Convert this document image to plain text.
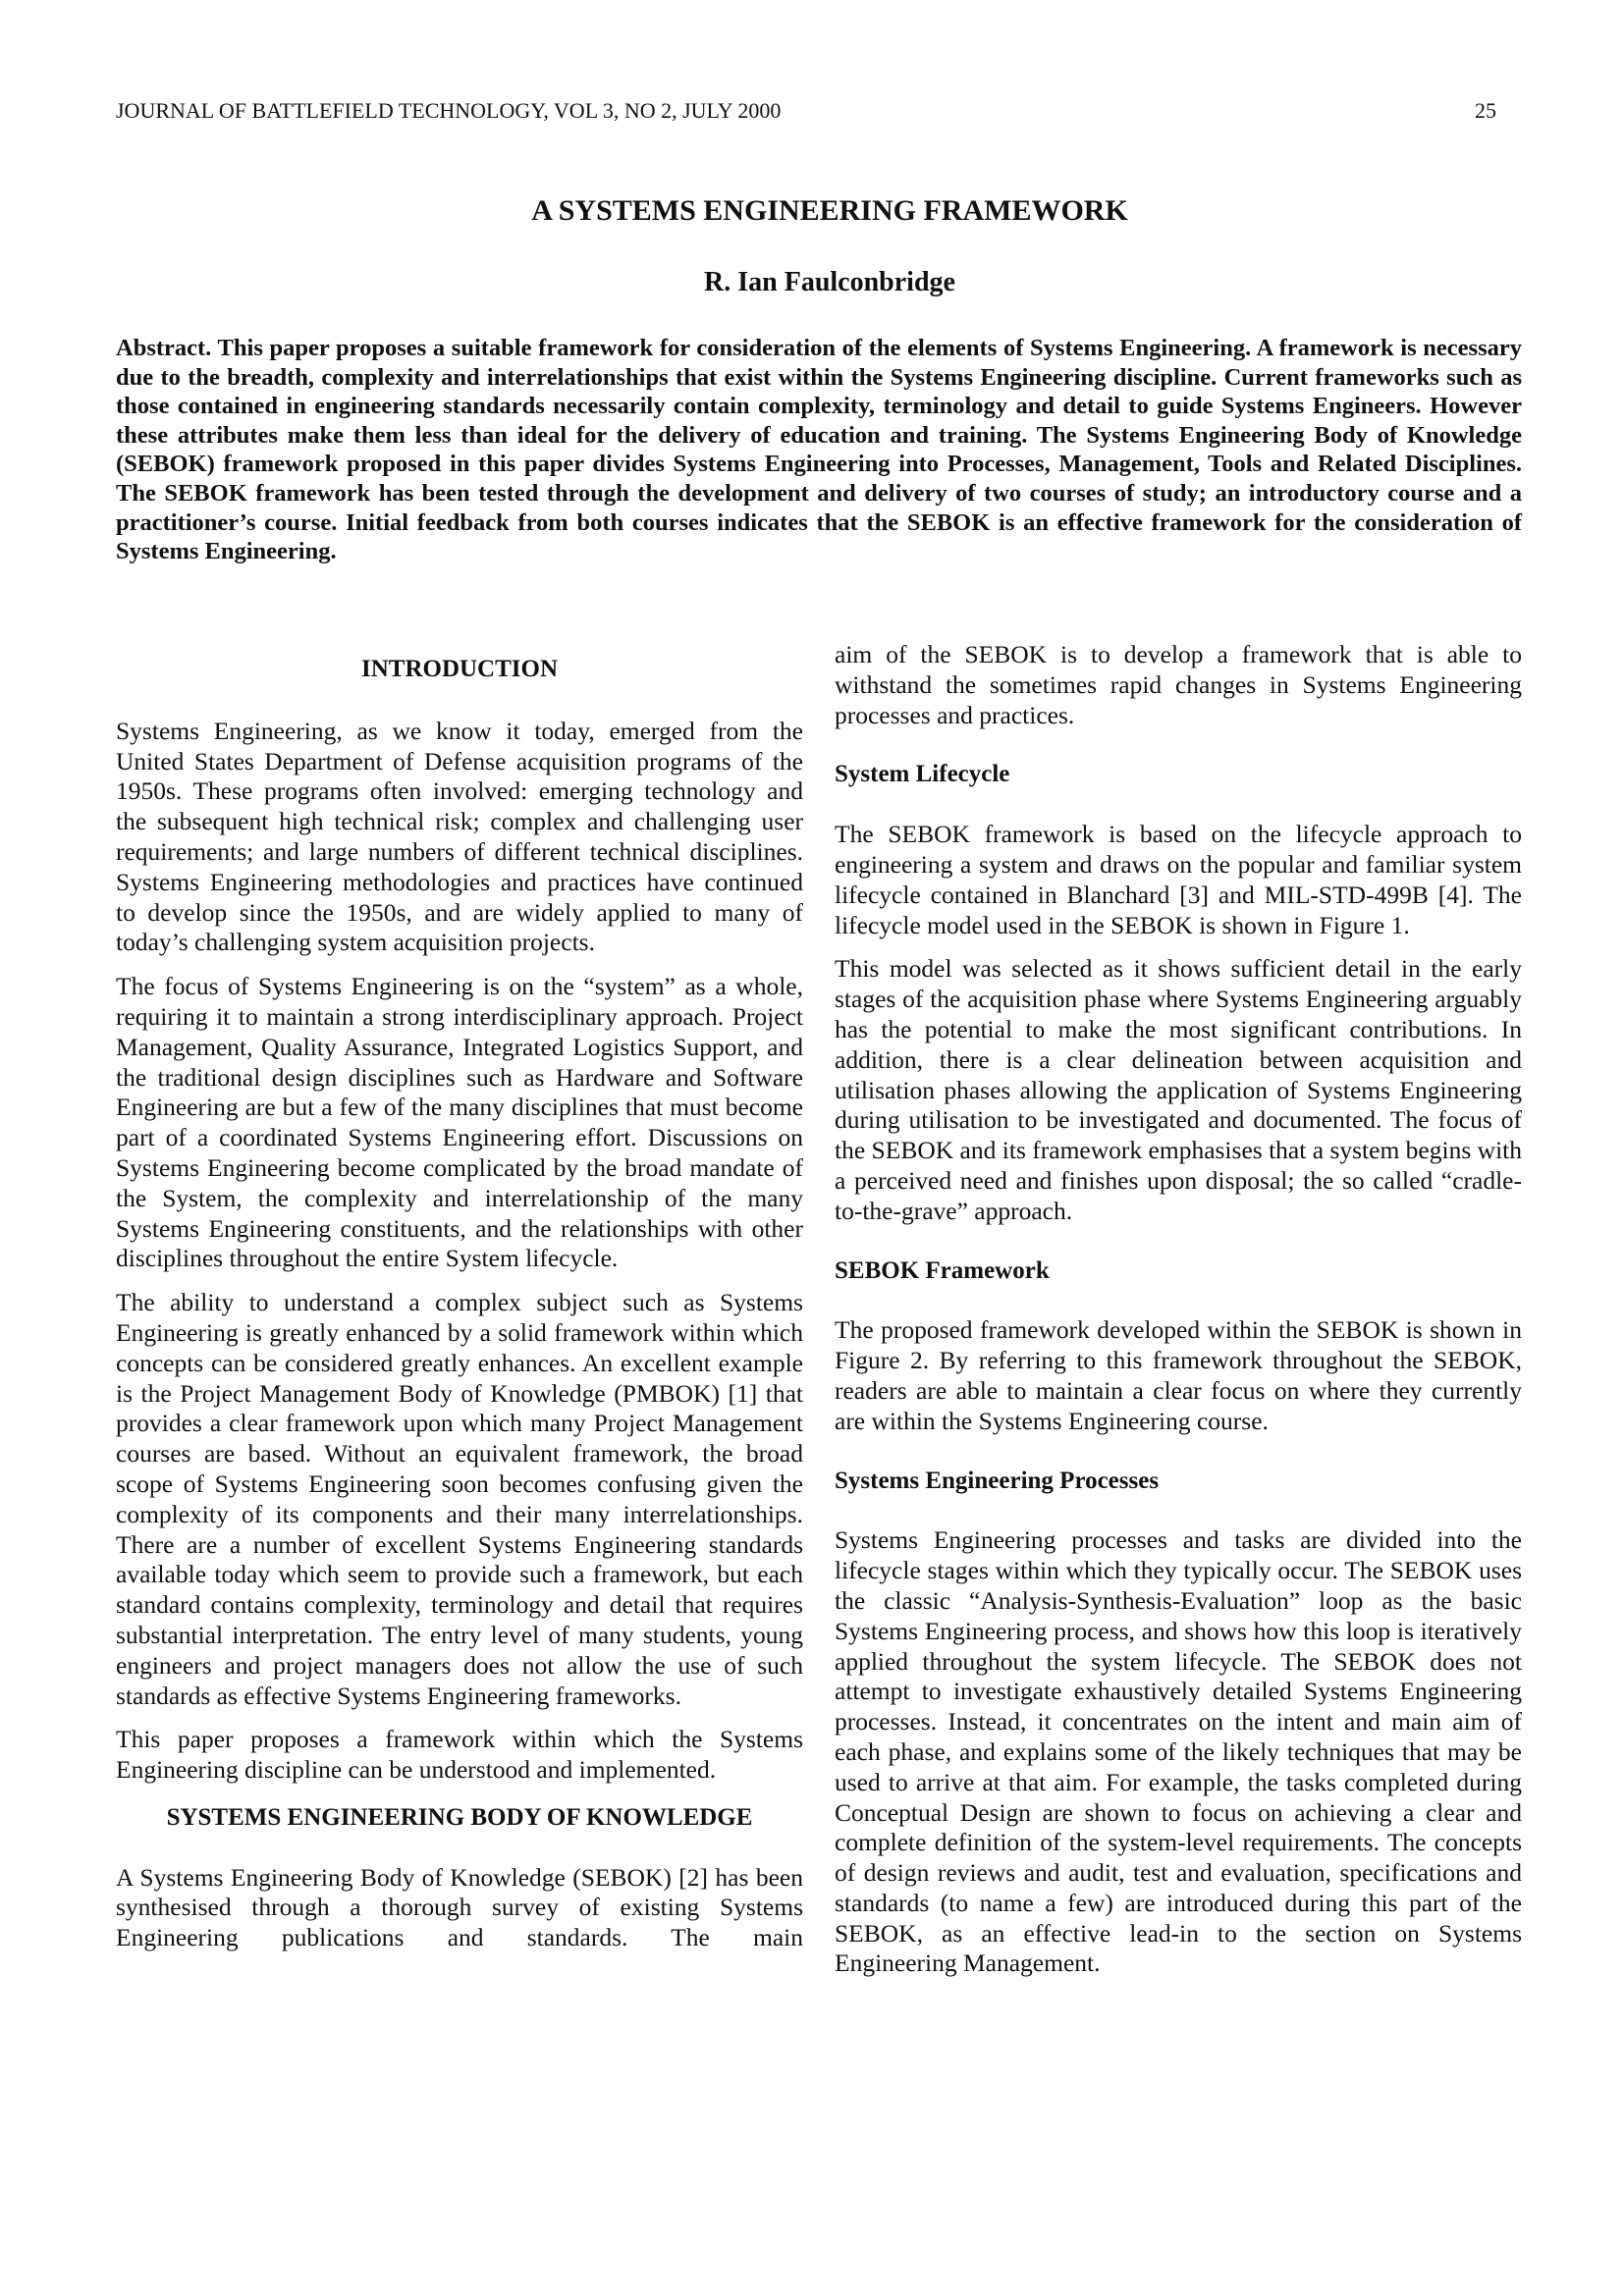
JOURNAL OF BATTLEFIELD TECHNOLOGY, VOL 3, NO 2, JULY 2000	25
A SYSTEMS ENGINEERING FRAMEWORK
R. Ian Faulconbridge

Abstract. This paper proposes a suitable framework for consideration of the elements of Systems Engineering. A framework is necessary due to the breadth, complexity and interrelationships that exist within the Systems Engineering discipline. Current frameworks such as those contained in engineering standards necessarily contain complexity, terminology and detail to guide Systems Engineers. However these attributes make them less than ideal for the delivery of education and training. The Systems Engineering Body of Knowledge (SEBOK) framework proposed in this paper divides Systems Engineering into Processes, Management, Tools and Related Disciplines. The SEBOK framework has been tested through the development and delivery of two courses of study; an introductory course and a practitioner’s course. Initial feedback from both courses indicates that the SEBOK is an effective framework for the consideration of Systems Engineering.

INTRODUCTION

Systems Engineering, as we know it today, emerged from the United States Department of Defense acquisition programs of the 1950s. These programs often involved: emerging technology and the subsequent high technical risk; complex and challenging user requirements; and large numbers of different technical disciplines. Systems Engineering methodologies and practices have continued to develop since the 1950s, and are widely applied to many of today’s challenging system acquisition projects.

The focus of Systems Engineering is on the “system” as a whole, requiring it to maintain a strong interdisciplinary approach. Project Management, Quality Assurance, Integrated Logistics Support, and the traditional design disciplines such as Hardware and Software Engineering are but a few of the many disciplines that must become part of a coordinated Systems Engineering effort. Discussions on Systems Engineering become complicated by the broad mandate of the System, the complexity and interrelationship of the many Systems Engineering constituents, and the relationships with other disciplines throughout the entire System lifecycle.

The ability to understand a complex subject such as Systems Engineering is greatly enhanced by a solid framework within which concepts can be considered greatly enhances. An excellent example is the Project Management Body of Knowledge (PMBOK) [1] that provides a clear framework upon which many Project Management courses are based. Without an equivalent framework, the broad scope of Systems Engineering soon becomes confusing given the complexity of its components and their many interrelationships. There are a number of excellent Systems Engineering standards available today which seem to provide such a framework, but each standard contains complexity, terminology and detail that requires substantial interpretation. The entry level of many students, young engineers and project managers does not allow the use of such standards as effective Systems Engineering frameworks.

This paper proposes a framework within which the Systems Engineering discipline can be understood and implemented.

SYSTEMS ENGINEERING BODY OF KNOWLEDGE

A Systems Engineering Body of Knowledge (SEBOK) [2] has been synthesised through a thorough survey of existing Systems Engineering publications and standards. The main

aim of the SEBOK is to develop a framework that is able to withstand the sometimes rapid changes in Systems Engineering processes and practices.

System Lifecycle

The SEBOK framework is based on the lifecycle approach to engineering a system and draws on the popular and familiar system lifecycle contained in Blanchard [3] and MIL-STD-499B [4]. The lifecycle model used in the SEBOK is shown in Figure 1.

This model was selected as it shows sufficient detail in the early stages of the acquisition phase where Systems Engineering arguably has the potential to make the most significant contributions. In addition, there is a clear delineation between acquisition and utilisation phases allowing the application of Systems Engineering during utilisation to be investigated and documented. The focus of the SEBOK and its framework emphasises that a system begins with a perceived need and finishes upon disposal; the so called “cradle-to-the-grave” approach.

SEBOK Framework

The proposed framework developed within the SEBOK is shown in Figure 2. By referring to this framework throughout the SEBOK, readers are able to maintain a clear focus on where they currently are within the Systems Engineering course.

Systems Engineering Processes

Systems Engineering processes and tasks are divided into the lifecycle stages within which they typically occur. The SEBOK uses the classic “Analysis-Synthesis-Evaluation” loop as the basic Systems Engineering process, and shows how this loop is iteratively applied throughout the system lifecycle. The SEBOK does not attempt to investigate exhaustively detailed Systems Engineering processes. Instead, it concentrates on the intent and main aim of each phase, and explains some of the likely techniques that may be used to arrive at that aim. For example, the tasks completed during Conceptual Design are shown to focus on achieving a clear and complete definition of the system-level requirements. The concepts of design reviews and audit, test and evaluation, specifications and standards (to name a few) are introduced during this part of the SEBOK, as an effective lead-in to the section on Systems Engineering Management.
